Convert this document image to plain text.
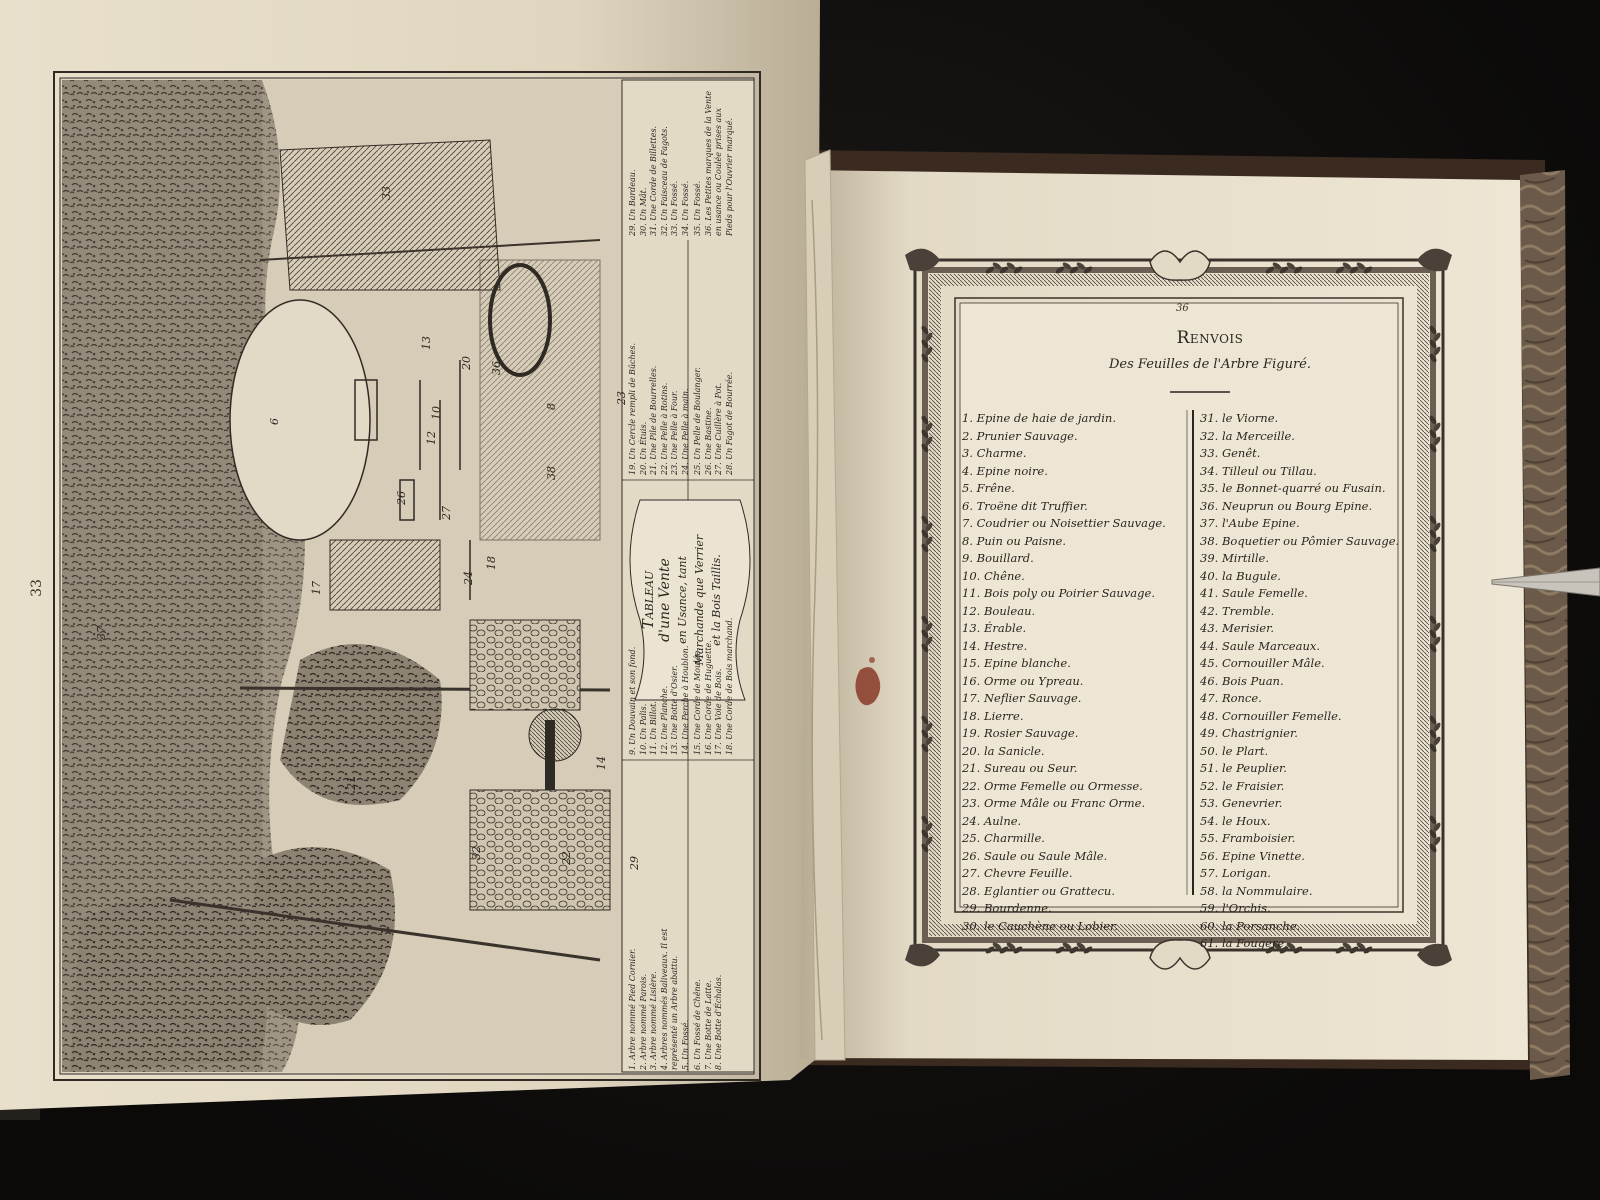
33
1. Arbre nommé Pied Cornier. 2. Arbre nommé Parois. 3. Arbre nommé Lisière. 4. Arbres nommés Baliveaux. Il est représenté un Arbre abattu. 5. Un Fossé. 6. Un Fossé de Chêne. 7. Une Botte de Latte. 8. Une Botte d'Échalas.
9. Un Douvain et son fond. 10. Un Palis. 11. Un Billot. 12. Une Planche. 13. Une Botte d'Osier. 14. Une Perche à Houblon. 15. Une Corde de Moulée. 16. Une Corde de Huguette. 17. Une Voie de Bois. 18. Une Corde de Bois marchand.
Tableau d'une Vente en Usance, tant Marchande que Verrier et la Bois Taillis.
19. Un Cercle rempli de Bûches. 20. Un Étuis. 21. Une Pile de Bourrelles. 22. Une Pelle à Rotins. 23. Une Pelle à Four. 24. Une Pelle à main. 25. Un Pelle de Boulanger. 26. Une Bastine. 27. Une Cuillère à Pot. 28. Un Fagot de Bourrée.
29. Un Bardeau. 30. Un Mât. 31. Une Corde de Billettes. 32. Un Faisceau de Fagots. 33. Un Fossé. 34. Un Fossé. 35. Un Fossé. 36. Les Petites marques de la Vente en usance ou Coulée prises aux Pieds pour l'Ouvrier marqué.
33
32
37
21
14
22	29
6
26
17
18
24
27
13
12
8
10
23
20 36
38
36
Renvois
Des Feuilles de l'Arbre Figuré.
1. Epine de haie de jardin.
2. Prunier Sauvage.
3. Charme.
4. Epine noire.
5. Frêne.
6. Troëne dit Truffier.
7. Coudrier ou Noisettier Sauvage.
8. Puin ou Paisne.
9. Bouillard.
10. Chêne.
11. Bois poly ou Poirier Sauvage.
12. Bouleau.
13. Érable.
14. Hestre.
15. Epine blanche.
16. Orme ou Ypreau.
17. Neflier Sauvage.
18. Lierre.
19. Rosier Sauvage.
20. la Sanicle.
21. Sureau ou Seur.
22. Orme Femelle ou Ormesse.
23. Orme Mâle ou Franc Orme.
24. Aulne.
25. Charmille.
26. Saule ou Saule Mâle.
27. Chevre Feuille.
28. Eglantier ou Grattecu.
29. Bourdenne.
30. le Cauchène ou Lobier.
31. le Viorne.
32. la Merceille.
33. Genêt.
34. Tilleul ou Tillau.
35. le Bonnet-quarré ou Fusain.
36. Neuprun ou Bourg Epine.
37. l'Aube Epine.
38. Boquetier ou Pômier Sauvage.
39. Mirtille.
40. la Bugule.
41. Saule Femelle.
42. Tremble.
43. Merisier.
44. Saule Marceaux.
45. Cornouiller Mâle.
46. Bois Puan.
47. Ronce.
48. Cornouiller Femelle.
49. Chastrignier.
50. le Plart.
51. le Peuplier.
52. le Fraisier.
53. Genevrier.
54. le Houx.
55. Framboisier.
56. Epine Vinette.
57. Lorigan.
58. la Nommulaire.
59. l'Orchis.
60. la Porsanche.
61. la Fougere.
